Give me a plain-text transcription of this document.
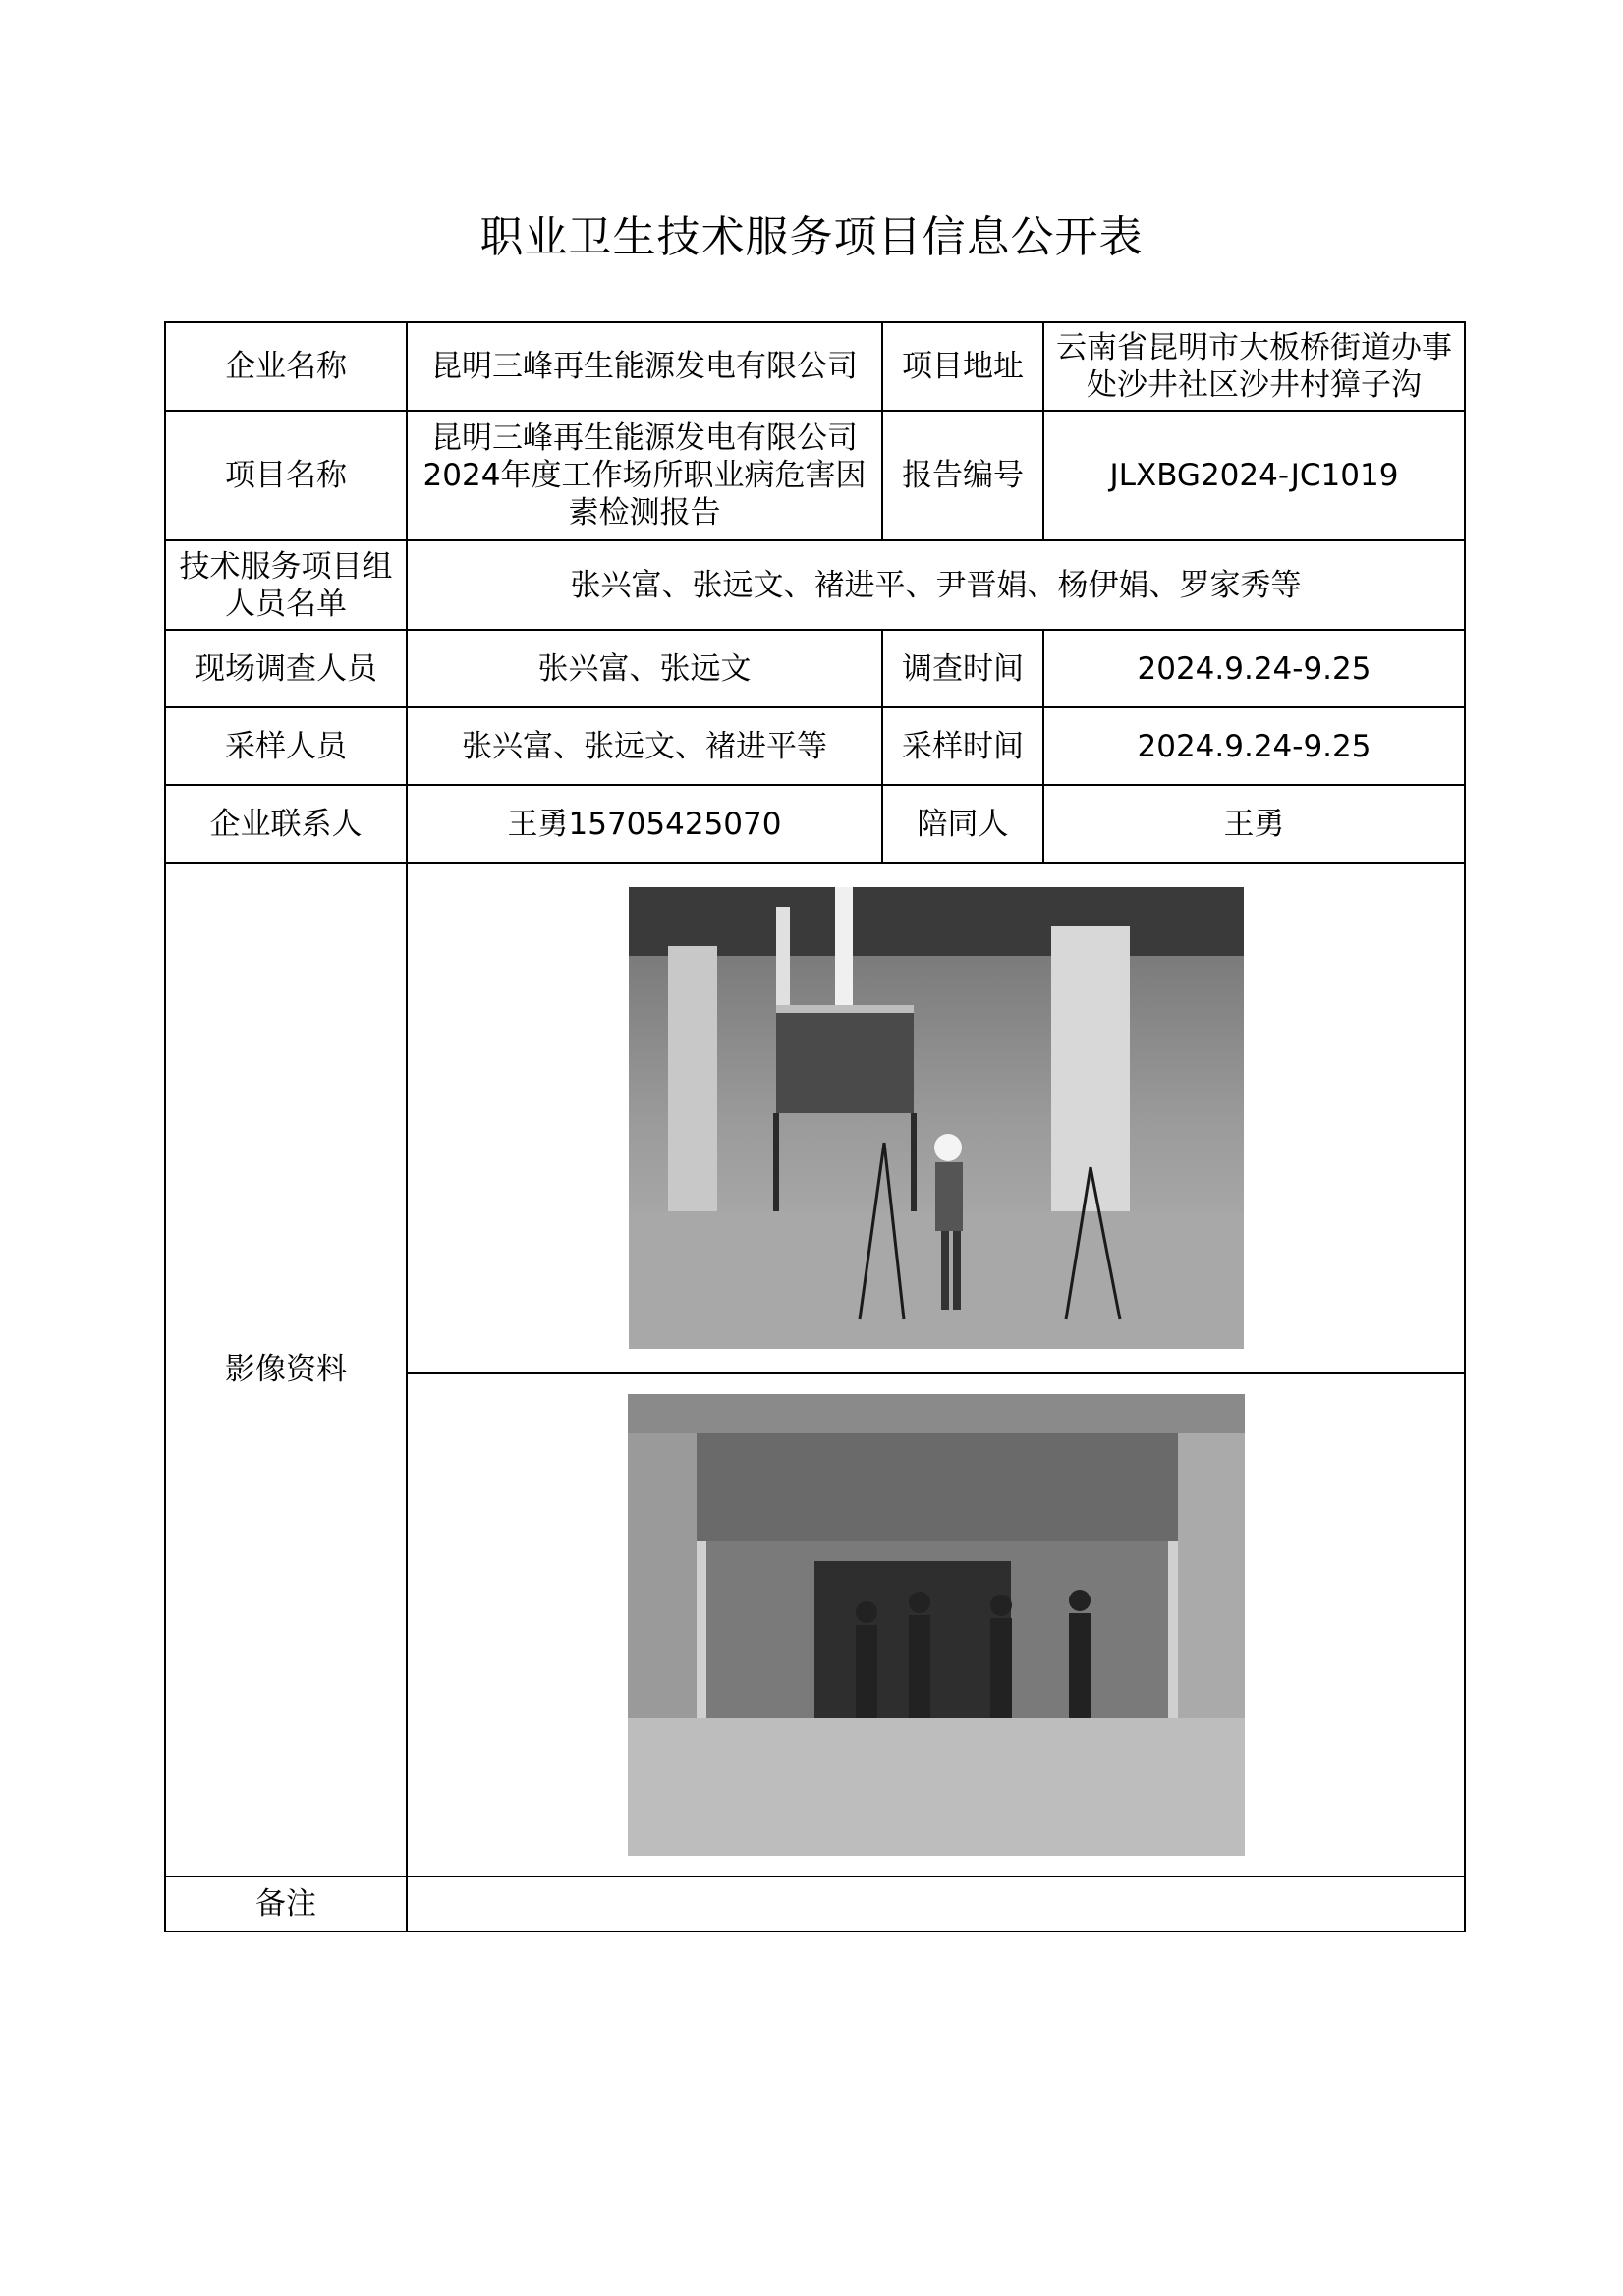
职业卫生技术服务项目信息公开表
企业名称	昆明三峰再生能源发电有限公司	项目地址	云南省昆明市大板桥街道办事处沙井社区沙井村獐子沟
项目名称	昆明三峰再生能源发电有限公司2024年度工作场所职业病危害因素检测报告	报告编号	JLXBG2024-JC1019
技术服务项目组人员名单	张兴富、张远文、褚进平、尹晋娟、杨伊娟、罗家秀等		
现场调查人员	张兴富、张远文	调查时间	2024.9.24-9.25
采样人员	张兴富、张远文、褚进平等	采样时间	2024.9.24-9.25
企业联系人	王勇15705425070	陪同人	王勇
影像资料	

备注			
